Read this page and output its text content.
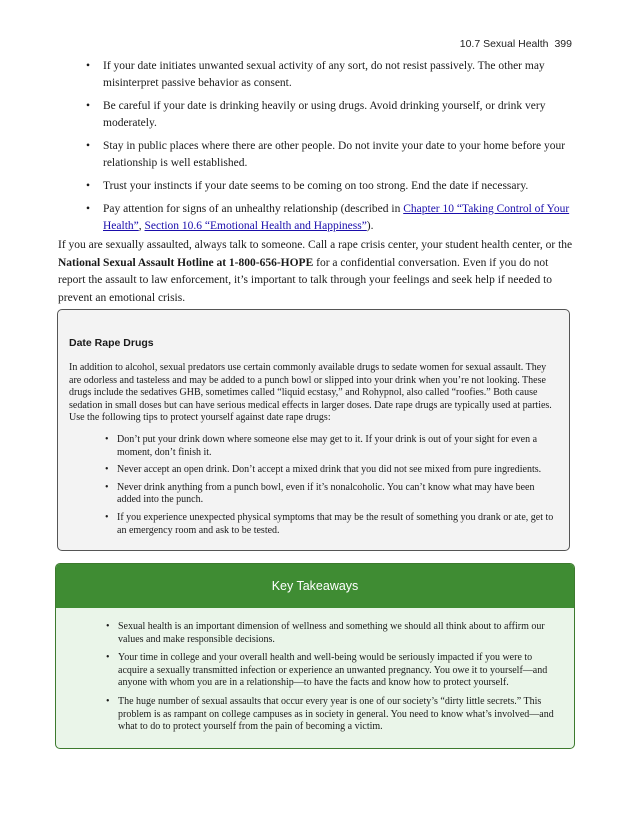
10.7 Sexual Health 399
• If your date initiates unwanted sexual activity of any sort, do not resist passively. The other may misinterpret passive behavior as consent.
• Be careful if your date is drinking heavily or using drugs. Avoid drinking yourself, or drink very moderately.
• Stay in public places where there are other people. Do not invite your date to your home before your relationship is well established.
• Trust your instincts if your date seems to be coming on too strong. End the date if necessary.
• Pay attention for signs of an unhealthy relationship (described in Chapter 10 “Taking Control of Your Health”, Section 10.6 “Emotional Health and Happiness”).

If you are sexually assaulted, always talk to someone. Call a rape crisis center, your student health center, or the National Sexual Assault Hotline at 1-800-656-HOPE for a confidential conversation. Even if you do not report the assault to law enforcement, it’s important to talk through your feelings and seek help if needed to prevent an emotional crisis.

Date Rape Drugs

In addition to alcohol, sexual predators use certain commonly available drugs to sedate women for sexual assault. They are odorless and tasteless and may be added to a punch bowl or slipped into your drink when you’re not looking. These drugs include the sedatives GHB, sometimes called “liquid ecstasy,” and Rohypnol, also called “roofies.” Both cause sedation in small doses but can have serious medical effects in larger doses. Date rape drugs are typically used at parties. Use the following tips to protect yourself against date rape drugs:

• Don’t put your drink down where someone else may get to it. If your drink is out of your sight for even a moment, don’t finish it.
• Never accept an open drink. Don’t accept a mixed drink that you did not see mixed from pure ingredients.
• Never drink anything from a punch bowl, even if it’s nonalcoholic. You can’t know what may have been added into the punch.
• If you experience unexpected physical symptoms that may be the result of something you drank or ate, get to an emergency room and ask to be tested.
Key Takeaways
• Sexual health is an important dimension of wellness and something we should all think about to affirm our values and make responsible decisions.
• Your time in college and your overall health and well-being would be seriously impacted if you were to acquire a sexually transmitted infection or experience an unwanted pregnancy. You owe it to yourself—and anyone with whom you are in a relationship—to have the facts and know how to protect yourself.
• The huge number of sexual assaults that occur every year is one of our society’s “dirty little secrets.” This problem is as rampant on college campuses as in society in general. You need to know what’s involved—and what to do to protect yourself from the pain of becoming a victim.
